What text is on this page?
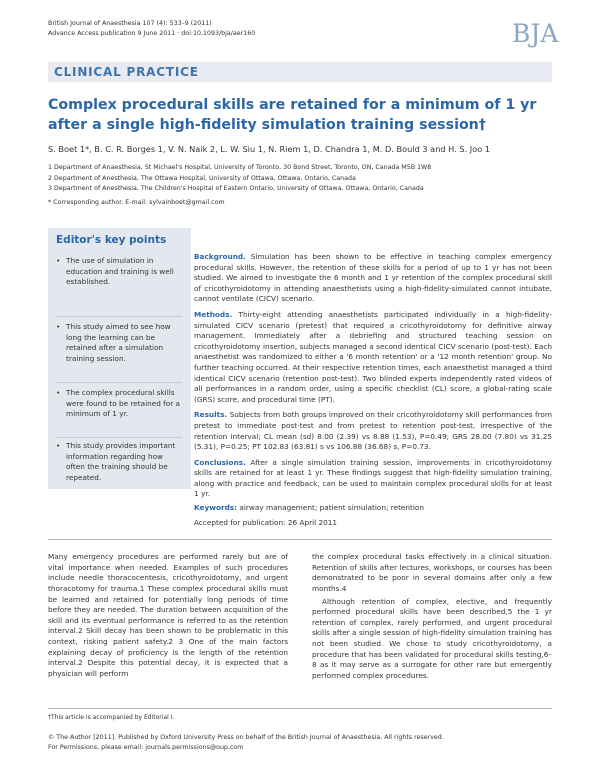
British Journal of Anaesthesia 107 (4): 533–9 (2011)
Advance Access publication 9 June 2011 · doi:10.1093/bja/aer160	BJA
CLINICAL PRACTICE
Complex procedural skills are retained for a minimum of 1 yr after a single high-fidelity simulation training session†
S. Boet 1*, B. C. R. Borges 1, V. N. Naik 2, L. W. Siu 1, N. Riem 1, D. Chandra 1, M. D. Bould 3 and H. S. Joo 1
1 Department of Anaesthesia, St Michael's Hospital, University of Toronto, 30 Bond Street, Toronto, ON, Canada M5B 1W8
2 Department of Anesthesia, The Ottawa Hospital, University of Ottawa, Ottawa, Ontario, Canada
3 Department of Anesthesia, The Children's Hospital of Eastern Ontario, University of Ottawa, Ottawa, Ontario, Canada
* Corresponding author. E-mail: sylvainboet@gmail.com
Editor's key points
• The use of simulation in education and training is well established.
• This study aimed to see how long the learning can be retained after a simulation training session.
• The complex procedural skills were found to be retained for a minimum of 1 yr.
• This study provides important information regarding how often the training should be repeated.

Background. Simulation has been shown to be effective in teaching complex emergency procedural skills. However, the retention of these skills for a period of up to 1 yr has not been studied. We aimed to investigate the 6 month and 1 yr retention of the complex procedural skill of cricothyroidotomy in attending anaesthetists using a high-fidelity-simulated cannot intubate, cannot ventilate (CICV) scenario.

Methods. Thirty-eight attending anaesthetists participated individually in a high-fidelity-simulated CICV scenario (pretest) that required a cricothyroidotomy for definitive airway management. Immediately after a debriefing and structured teaching session on cricothyroidotomy insertion, subjects managed a second identical CICV scenario (post-test). Each anaesthetist was randomized to either a '6 month retention' or a '12 month retention' group. No further teaching occurred. At their respective retention times, each anaesthetist managed a third identical CICV scenario (retention post-test). Two blinded experts independently rated videos of all performances in a random order, using a specific checklist (CL) score, a global-rating scale (GRS) score, and procedural time (PT).

Results. Subjects from both groups improved on their cricothyroidotomy skill performances from pretest to immediate post-test and from pretest to retention post-test, irrespective of the retention interval; CL mean (sd) 8.00 (2.39) vs 8.88 (1.53), P=0.49; GRS 28.00 (7.80) vs 31.25 (5.31), P=0.25; PT 102.83 (63.81) s vs 106.88 (36.68) s, P=0.73.

Conclusions. After a single simulation training session, improvements in cricothyroidotomy skills are retained for at least 1 yr. These findings suggest that high-fidelity simulation training, along with practice and feedback, can be used to maintain complex procedural skills for at least 1 yr.

Keywords: airway management; patient simulation; retention
Accepted for publication: 26 April 2011

Many emergency procedures are performed rarely but are of vital importance when needed. Examples of such procedures include needle thoracocentesis, cricothyroidotomy, and urgent thoracotomy for trauma.1 These complex procedural skills must be learned and retained for potentially long periods of time before they are needed. The duration between acquisition of the skill and its eventual performance is referred to as the retention interval.2 Skill decay has been shown to be problematic in this context, risking patient safety.2 3 One of the main factors explaining decay of proficiency is the length of the retention interval.2 Despite this potential decay, it is expected that a physician will perform

the complex procedural tasks effectively in a clinical situation. Retention of skills after lectures, workshops, or courses has been demonstrated to be poor in several domains after only a few months.4

Although retention of complex, elective, and frequently performed procedural skills have been described,5 the 1 yr retention of complex, rarely performed, and urgent procedural skills after a single session of high-fidelity simulation training has not been studied. We chose to study cricothyroidotomy, a procedure that has been validated for procedural skills testing,6–8 as it may serve as a surrogate for other rare but emergently performed complex procedures.

†This article is accompanied by Editorial I.
© The Author [2011]. Published by Oxford University Press on behalf of the British Journal of Anaesthesia. All rights reserved.
For Permissions, please email: journals.permissions@oup.com
